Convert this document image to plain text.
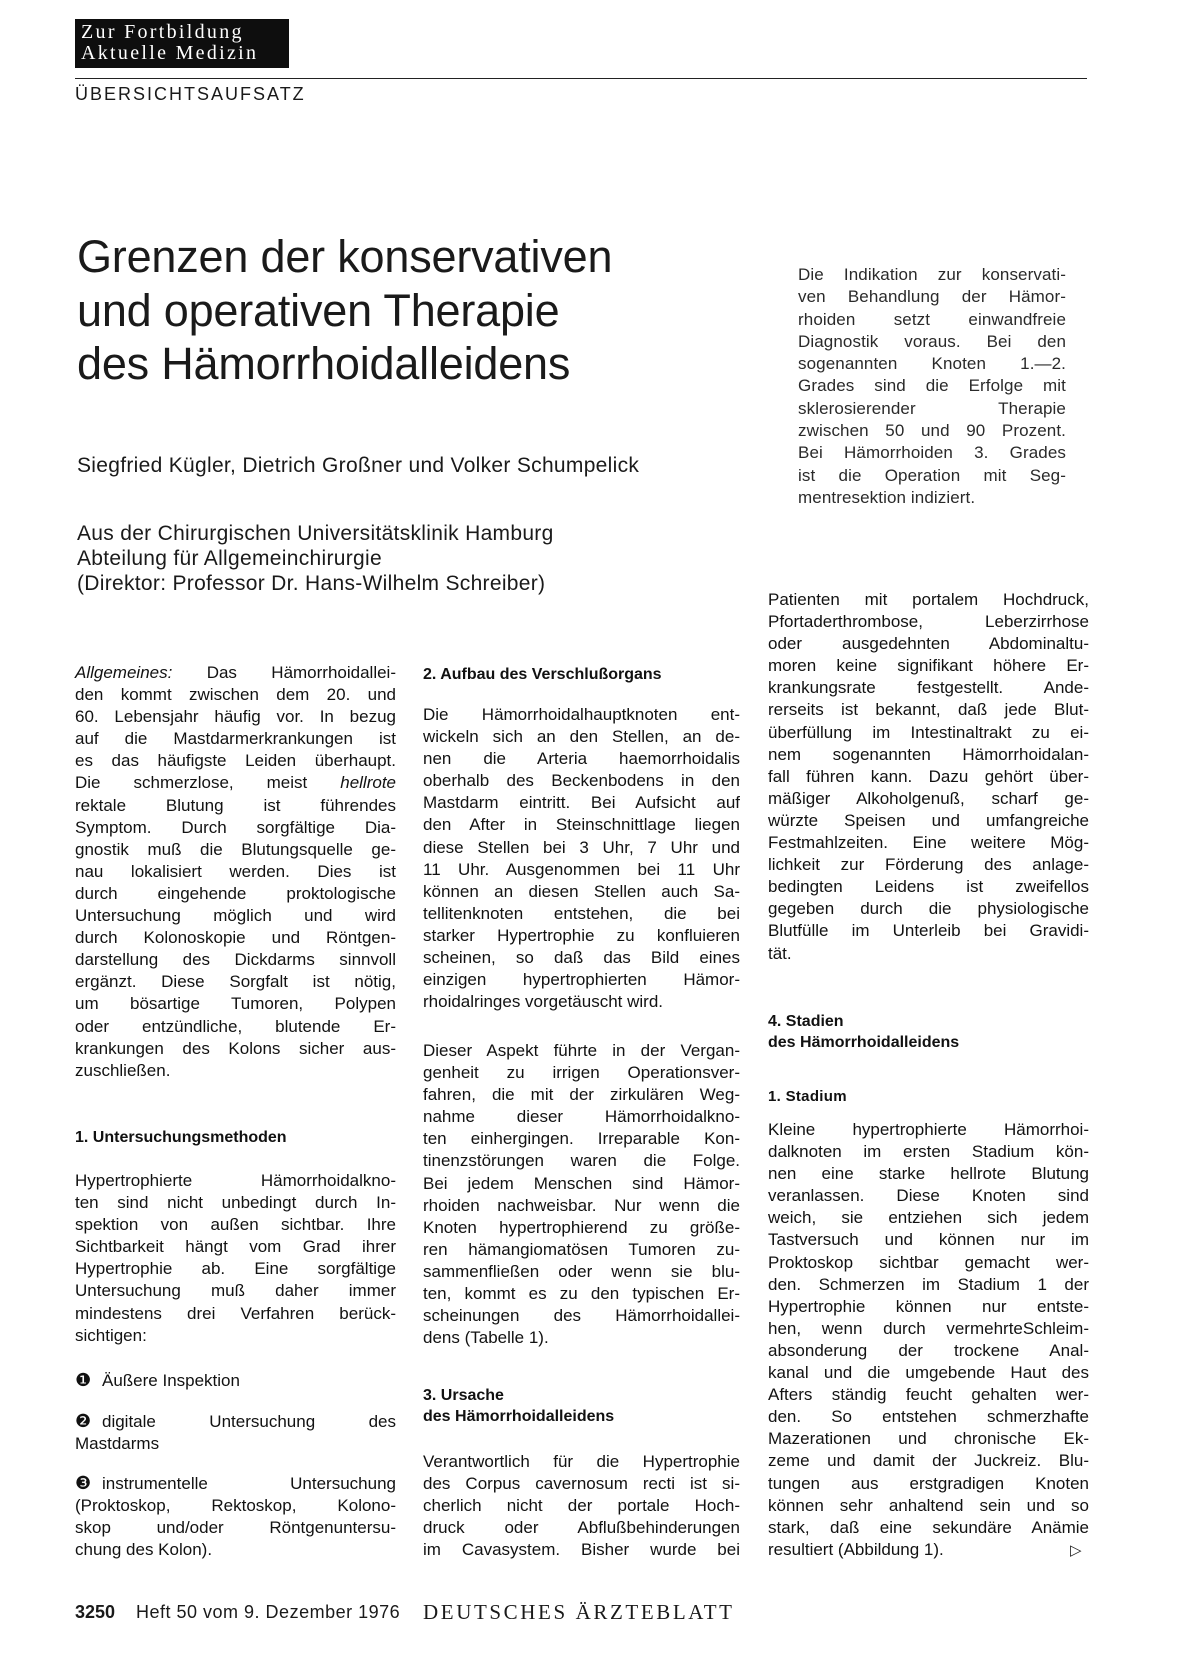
Zur Fortbildung
Aktuelle Medizin
ÜBERSICHTSAUFSATZ
Grenzen der konservativen
und operativen Therapie
des Hämorrhoidalleidens
Siegfried Kügler, Dietrich Großner und Volker Schumpelick
Aus der Chirurgischen Universitätsklinik Hamburg
Abteilung für Allgemeinchirurgie
(Direktor: Professor Dr. Hans-Wilhelm Schreiber)
Die Indikation zur konservati-
ven Behandlung der Hämor-
rhoiden setzt einwandfreie
Diagnostik voraus. Bei den
sogenannten Knoten 1.—2.
Grades sind die Erfolge mit
sklerosierender Therapie
zwischen 50 und 90 Prozent.
Bei Hämorrhoiden 3. Grades
ist die Operation mit Seg-
mentresektion indiziert.
Allgemeines: Das Hämorrhoidallei-
den kommt zwischen dem 20. und
60. Lebensjahr häufig vor. In bezug
auf die Mastdarmerkrankungen ist
es das häufigste Leiden überhaupt.
Die schmerzlose, meist hellrote
rektale Blutung ist führendes
Symptom. Durch sorgfältige Dia-
gnostik muß die Blutungsquelle ge-
nau lokalisiert werden. Dies ist
durch eingehende proktologische
Untersuchung möglich und wird
durch Kolonoskopie und Röntgen-
darstellung des Dickdarms sinnvoll
ergänzt. Diese Sorgfalt ist nötig,
um bösartige Tumoren, Polypen
oder entzündliche, blutende Er-
krankungen des Kolons sicher aus-
zuschließen.
1. Untersuchungsmethoden
Hypertrophierte Hämorrhoidalkno-
ten sind nicht unbedingt durch In-
spektion von außen sichtbar. Ihre
Sichtbarkeit hängt vom Grad ihrer
Hypertrophie ab. Eine sorgfältige
Untersuchung muß daher immer
mindestens drei Verfahren berück-
sichtigen:
❶ Äußere Inspektion
❷ digitale Untersuchung des
Mastdarms
❸ instrumentelle Untersuchung
(Proktoskop, Rektoskop, Kolono-
skop und/oder Röntgenuntersu-
chung des Kolon).
2. Aufbau des Verschlußorgans
Die Hämorrhoidalhauptknoten ent-
wickeln sich an den Stellen, an de-
nen die Arteria haemorrhoidalis
oberhalb des Beckenbodens in den
Mastdarm eintritt. Bei Aufsicht auf
den After in Steinschnittlage liegen
diese Stellen bei 3 Uhr, 7 Uhr und
11 Uhr. Ausgenommen bei 11 Uhr
können an diesen Stellen auch Sa-
tellitenknoten entstehen, die bei
starker Hypertrophie zu konfluieren
scheinen, so daß das Bild eines
einzigen hypertrophierten Hämor-
rhoidalringes vorgetäuscht wird.
Dieser Aspekt führte in der Vergan-
genheit zu irrigen Operationsver-
fahren, die mit der zirkulären Weg-
nahme dieser Hämorrhoidalkno-
ten einhergingen. Irreparable Kon-
tinenzstörungen waren die Folge.
Bei jedem Menschen sind Hämor-
rhoiden nachweisbar. Nur wenn die
Knoten hypertrophierend zu größe-
ren hämangiomatösen Tumoren zu-
sammenfließen oder wenn sie blu-
ten, kommt es zu den typischen Er-
scheinungen des Hämorrhoidallei-
dens (Tabelle 1).
3. Ursache
des Hämorrhoidalleidens
Verantwortlich für die Hypertrophie
des Corpus cavernosum recti ist si-
cherlich nicht der portale Hoch-
druck oder Abflußbehinderungen
im Cavasystem. Bisher wurde bei
Patienten mit portalem Hochdruck,
Pfortaderthrombose, Leberzirrhose
oder ausgedehnten Abdominaltu-
moren keine signifikant höhere Er-
krankungsrate festgestellt. Ande-
rerseits ist bekannt, daß jede Blut-
überfüllung im Intestinaltrakt zu ei-
nem sogenannten Hämorrhoidalan-
fall führen kann. Dazu gehört über-
mäßiger Alkoholgenuß, scharf ge-
würzte Speisen und umfangreiche
Festmahlzeiten. Eine weitere Mög-
lichkeit zur Förderung des anlage-
bedingten Leidens ist zweifellos
gegeben durch die physiologische
Blutfülle im Unterleib bei Gravidi-
tät.
4. Stadien
des Hämorrhoidalleidens
1. Stadium
Kleine hypertrophierte Hämorrhoi-
dalknoten im ersten Stadium kön-
nen eine starke hellrote Blutung
veranlassen. Diese Knoten sind
weich, sie entziehen sich jedem
Tastversuch und können nur im
Proktoskop sichtbar gemacht wer-
den. Schmerzen im Stadium 1 der
Hypertrophie können nur entste-
hen, wenn durch vermehrteSchleim-
absonderung der trockene Anal-
kanal und die umgebende Haut des
Afters ständig feucht gehalten wer-
den. So entstehen schmerzhafte
Mazerationen und chronische Ek-
zeme und damit der Juckreiz. Blu-
tungen aus erstgradigen Knoten
können sehr anhaltend sein und so
stark, daß eine sekundäre Anämie
resultiert (Abbildung 1).	▷
3250 Heft 50 vom 9. Dezember 1976 DEUTSCHES ÄRZTEBLATT
